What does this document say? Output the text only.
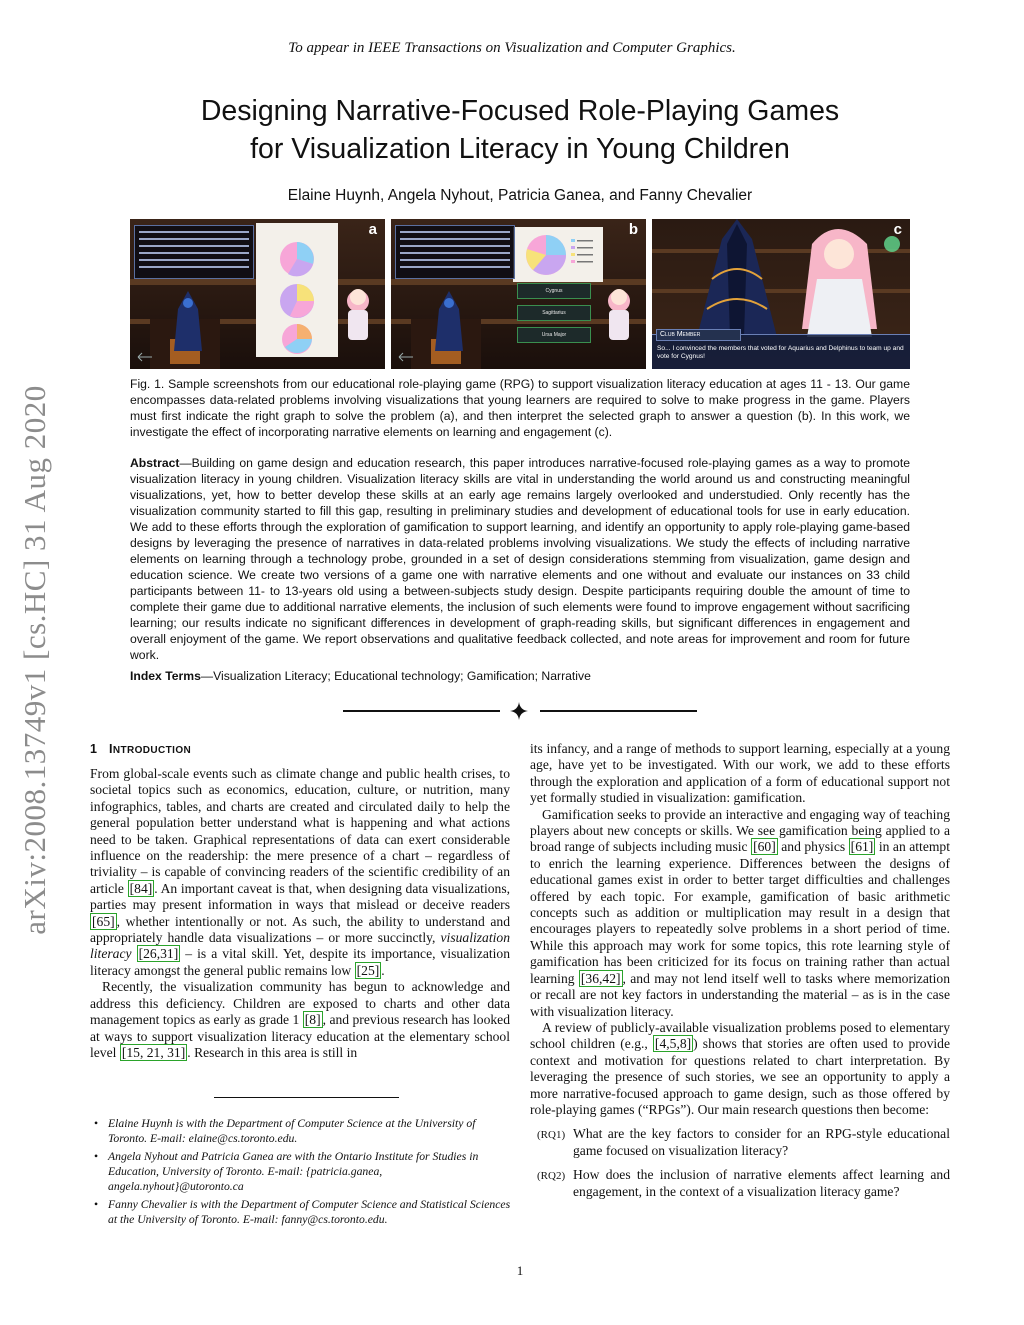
To appear in IEEE Transactions on Visualization and Computer Graphics.
Designing Narrative-Focused Role-Playing Games
for Visualization Literacy in Young Children
Elaine Huynh, Angela Nyhout, Patricia Ganea, and Fanny Chevalier
arXiv:2008.13749v1 [cs.HC] 31 Aug 2020
a
Cygnus
Sagittarius
Ursa Major
b
Club Member
So... I convinced the members that voted for Aquarius and Delphinus to team up and vote for Cygnus!
c
Fig. 1. Sample screenshots from our educational role-playing game (RPG) to support visualization literacy education at ages 11 - 13. Our game encompasses data-related problems involving visualizations that young learners are required to solve to make progress in the game. Players must first indicate the right graph to solve the problem (a), and then interpret the selected graph to answer a question (b). In this work, we investigate the effect of incorporating narrative elements on learning and engagement (c).
Abstract—Building on game design and education research, this paper introduces narrative-focused role-playing games as a way to promote visualization literacy in young children. Visualization literacy skills are vital in understanding the world around us and constructing meaningful visualizations, yet, how to better develop these skills at an early age remains largely overlooked and understudied. Only recently has the visualization community started to fill this gap, resulting in preliminary studies and development of educational tools for use in early education. We add to these efforts through the exploration of gamification to support learning, and identify an opportunity to apply role-playing game-based designs by leveraging the presence of narratives in data-related problems involving visualizations. We study the effects of including narrative elements on learning through a technology probe, grounded in a set of design considerations stemming from visualization, game design and education science. We create two versions of a game one with narrative elements and one without and evaluate our instances on 33 child participants between 11- to 13-years old using a between-subjects study design. Despite participants requiring double the amount of time to complete their game due to additional narrative elements, the inclusion of such elements were found to improve engagement without sacrificing learning; our results indicate no significant differences in development of graph-reading skills, but significant differences in engagement and overall enjoyment of the game. We report observations and qualitative feedback collected, and note areas for improvement and room for future work.
Index Terms—Visualization Literacy; Educational technology; Gamification; Narrative
1 INTRODUCTION

From global-scale events such as climate change and public health crises, to societal topics such as economics, education, culture, or nutrition, many infographics, tables, and charts are created and circulated daily to help the general population better understand what is happening and what actions need to be taken. Graphical representations of data can exert considerable influence on the readership: the mere presence of a chart – regardless of triviality – is capable of convincing readers of the scientific credibility of an article [84] . An important caveat is that, when designing data visualizations, parties may present information in ways that mislead or deceive readers [65] , whether intentionally or not. As such, the ability to understand and appropriately handle data visualizations – or more succinctly, visualization literacy [26,31] – is a vital skill. Yet, despite its importance, visualization literacy amongst the general public remains low [25] .

Recently, the visualization community has begun to acknowledge and address this deficiency. Children are exposed to charts and other data management topics as early as grade 1 [8] , and previous research has looked at ways to support visualization literacy education at the elementary school level [15, 21, 31] . Research in this area is still in

• Elaine Huynh is with the Department of Computer Science at the University of Toronto. E-mail: elaine@cs.toronto.edu.
• Angela Nyhout and Patricia Ganea are with the Ontario Institute for Studies in Education, University of Toronto. E-mail: {patricia.ganea, angela.nyhout}@utoronto.ca
• Fanny Chevalier is with the Department of Computer Science and Statistical Sciences at the University of Toronto. E-mail: fanny@cs.toronto.edu.

its infancy, and a range of methods to support learning, especially at a young age, have yet to be investigated. With our work, we add to these efforts through the exploration and application of a form of educational support not yet formally studied in visualization: gamification.

Gamification seeks to provide an interactive and engaging way of teaching players about new concepts or skills. We see gamification being applied to a broad range of subjects including music [60] and physics [61] in an attempt to enrich the learning experience. Differences between the designs of educational games exist in order to better target difficulties and challenges offered by each topic. For example, gamification of basic arithmetic concepts such as addition or multiplication may result in a design that encourages players to repeatedly solve problems in a short period of time. While this approach may work for some topics, this rote learning style of gamification has been criticized for its focus on training rather than actual learning [36,42] , and may not lend itself well to tasks where memorization or recall are not key factors in understanding the material – as is in the case with visualization literacy.

A review of publicly-available visualization problems posed to elementary school children (e.g., [4,5,8] ) shows that stories are often used to provide context and motivation for questions related to chart interpretation. By leveraging the presence of such stories, we see an opportunity to apply a more narrative-focused approach to game design, such as those offered by role-playing games (“RPGs”). Our main research questions then become:

(RQ1) What are the key factors to consider for an RPG-style educational game focused on visualization literacy?

(RQ2) How does the inclusion of narrative elements affect learning and engagement, in the context of a visualization literacy game?

1
